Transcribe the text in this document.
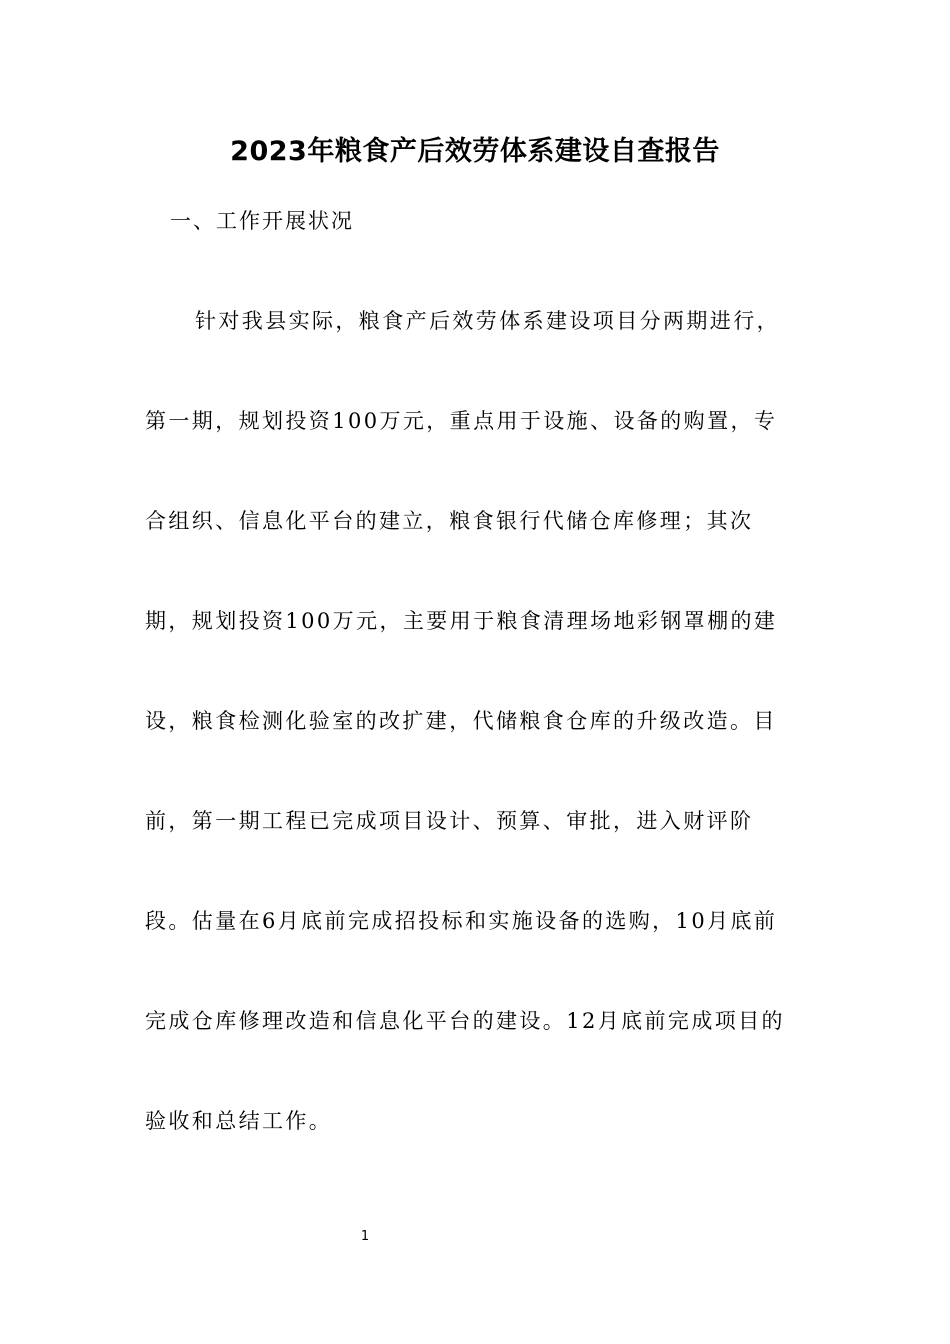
2023年粮食产后效劳体系建设自查报告
一、工作开展状况
针对我县实际，粮食产后效劳体系建设项目分两期进行，
第一期，规划投资100万元，重点用于设施、设备的购置，专
合组织、信息化平台的建立，粮食银行代储仓库修理；其次
期，规划投资100万元，主要用于粮食清理场地彩钢罩棚的建
设，粮食检测化验室的改扩建，代储粮食仓库的升级改造。目
前，第一期工程已完成项目设计、预算、审批，进入财评阶
段。估量在6月底前完成招投标和实施设备的选购，10月底前
完成仓库修理改造和信息化平台的建设。12月底前完成项目的
验收和总结工作。
1
